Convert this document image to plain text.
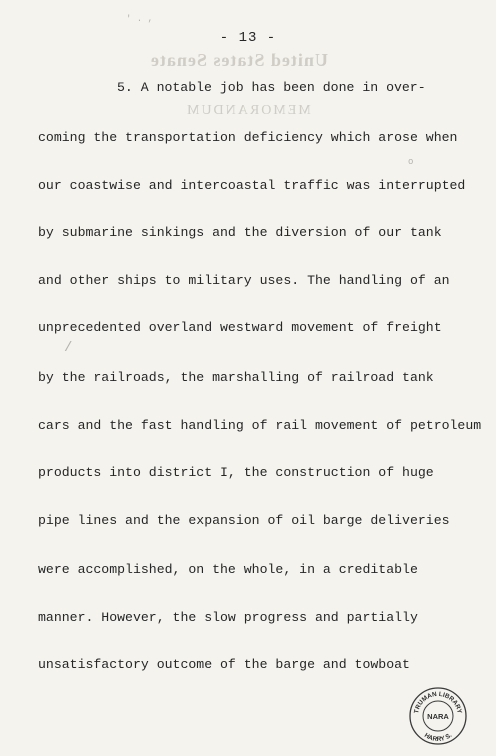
' . ,
o
/
- 13 -
United States Senate
MEMORANDUM
5. A notable job has been done in over-
coming the transportation deficiency which arose when
our coastwise and intercoastal traffic was interrupted
by submarine sinkings and the diversion of our tank
and other ships to military uses. The handling of an
unprecedented overland westward movement of freight
by the railroads, the marshalling of railroad tank
cars and the fast handling of rail movement of petroleum
products into district I, the construction of huge
pipe lines and the expansion of oil barge deliveries
were accomplished, on the whole, in a creditable
manner. However, the slow progress and partially
unsatisfactory outcome of the barge and towboat
TRUMAN LIBRARY
HARRY S.
NARA
